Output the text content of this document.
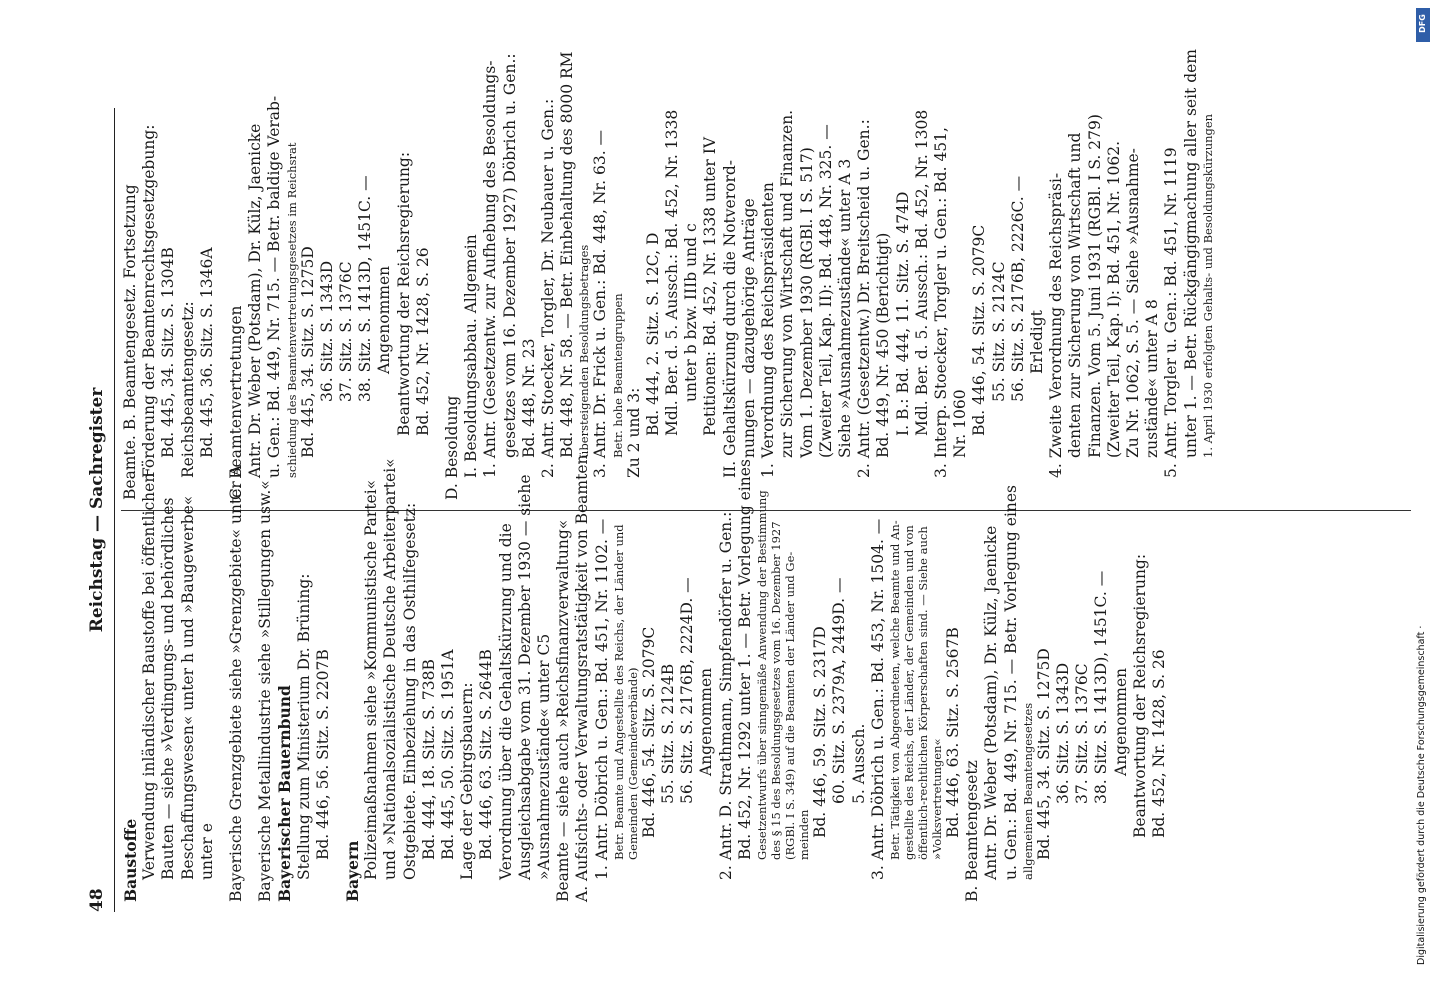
48
Reichstag — Sachregister
Baustoffe Verwendung inländischer Baustoffe bei öffentlichen Bauten — siehe »Verdingungs- und behördliches Beschaffungswesen« unter h und »Baugewerbe« unter e Bayerische Grenzgebiete siehe »Grenzgebiete« unter A Bayerische Metallindustrie siehe »Stillegungen usw.« Bayerischer Bauernbund Stellung zum Ministerium Dr. Brüning: Bd. 446, 56. Sitz. S. 2207B
Bayern Polizeimaßnahmen siehe »Kommunistische Partei« und »Nationalsozialistische Deutsche Arbeiterpartei« Ostgebiete. Einbeziehung in das Osthilfegesetz: Bd. 444, 18. Sitz. S. 738B Bd. 445, 50. Sitz. S. 1951A Lage der Gebirgsbauern: Bd. 446, 63. Sitz. S. 2644B Verordnung über die Gehaltskürzung und die Ausgleichsabgabe vom 31. Dezember 1930 — siehe »Ausnahmezustände« unter C5 Beamte — siehe auch »Reichsfinanzverwaltung« A. Aufsichts- oder Verwaltungsratstätigkeit von Beamten 1. Antr. Döbrich u. Gen.: Bd. 451, Nr. 1102. — Betr. Beamte und Angestellte des Reichs, der Länder und Gemeinden (Gemeindeverbände) Bd. 446, 54. Sitz. S. 2079C 55. Sitz. S. 2124B 56. Sitz. S. 2176B, 2224D. — Angenommen 2. Antr. D. Strathmann, Simpfendörfer u. Gen.: Bd. 452, Nr. 1292 unter 1. — Betr. Vorlegung eines Gesetzentwurfs über sinngemäße Anwendung der Bestimmung des § 15 des Besoldungsgesetzes vom 16. Dezember 1927 (RGBl. I S. 349) auf die Beamten der Länder und Ge- meinden Bd. 446, 59. Sitz. S. 2317D 60. Sitz. S. 2379A, 2449D. — 5. Aussch. 3. Antr. Döbrich u. Gen.: Bd. 453, Nr. 1504. — Betr. Tätigkeit von Abgeordneten, welche Beamte und An- gestellte des Reichs, der Länder, der Gemeinden und von öffentlich-rechtlichen Körperschaften sind. — Siehe auch »Volksvertretungen« Bd. 446, 63. Sitz. S. 2567B B. Beamtengesetz Antr. Dr. Weber (Potsdam), Dr. Külz, Jaenicke u. Gen.: Bd. 449, Nr. 715. — Betr. Vorlegung eines allgemeinen Beamtengesetzes Bd. 445, 34. Sitz. S. 1275D 36. Sitz. S. 1343D 37. Sitz. S. 1376C 38. Sitz. S. 1413D), 1451C. — Angenommen Beantwortung der Reichsregierung: Bd. 452, Nr. 1428, S. 26
Beamte. B. Beamtengesetz. Fortsetzung Förderung der Beamtenrechtsgesetzgebung: Bd. 445, 34. Sitz. S. 1304B Reichsbeamtengesetz: Bd. 445, 36. Sitz. S. 1346A C. Beamtenvertretungen Antr. Dr. Weber (Potsdam), Dr. Külz, Jaenicke u. Gen.: Bd. 449, Nr. 715. — Betr. baldige Verab- schiedung des Beamtenvertretungsgesetzes im Reichsrat Bd. 445, 34. Sitz. S. 1275D 36. Sitz. S. 1343D 37. Sitz. S. 1376C 38. Sitz. S. 1413D, 1451C. — Angenommen Beantwortung der Reichsregierung: Bd. 452, Nr. 1428, S. 26
D. Besoldung I. Besoldungsabbau. Allgemein 1. Antr. (Gesetzentw. zur Aufhebung des Besoldungs- gesetzes vom 16. Dezember 1927) Döbrich u. Gen.: Bd. 448, Nr. 23 2. Antr. Stoecker, Torgler, Dr. Neubauer u. Gen.: Bd. 448, Nr. 58. — Betr. Einbehaltung des 8000 RM übersteigenden Besoldungsbetrages 3. Antr. Dr. Frick u. Gen.: Bd. 448, Nr. 63. — Betr. hohe Beamtengruppen Zu 2 und 3: Bd. 444, 2. Sitz. S. 12C, D Mdl. Ber. d. 5. Aussch.: Bd. 452, Nr. 1338 unter b bzw. IIIb und c Petitionen: Bd. 452, Nr. 1338 unter IV II. Gehaltskürzung durch die Notverord- nungen — dazugehörige Anträge 1. Verordnung des Reichspräsidenten zur Sicherung von Wirtschaft und Finanzen. Vom 1. Dezember 1930 (RGBl. I S. 517) (Zweiter Teil, Kap. II): Bd. 448, Nr. 325. — Siehe »Ausnahmezustände« unter A 3 2. Antr. (Gesetzentw.) Dr. Breitscheid u. Gen.: Bd. 449, Nr. 450 (Berichtigt) I. B.: Bd. 444, 11. Sitz. S. 474D Mdl. Ber. d. 5. Aussch.: Bd. 452, Nr. 1308 3. Interp. Stoecker, Torgler u. Gen.: Bd. 451, Nr. 1060 Bd. 446, 54. Sitz. S. 2079C 55. Sitz. S. 2124C 56. Sitz. S. 2176B, 2226C. — Erledigt 4. Zweite Verordnung des Reichspräsi- denten zur Sicherung von Wirtschaft und Finanzen. Vom 5. Juni 1931 (RGBl. I S. 279) (Zweiter Teil, Kap. I): Bd. 451, Nr. 1062. Zu Nr. 1062, S. 5. — Siehe »Ausnahme- zustände« unter A 8 5. Antr. Torgler u. Gen.: Bd. 451, Nr. 1119 unter 1. — Betr. Rückgängigmachung aller seit dem 1. April 1930 erfolgten Gehalts- und Besoldungskürzungen
Digitalisierung gefördert durch die Deutsche Forschungsgemeinschaft ·
DFG
